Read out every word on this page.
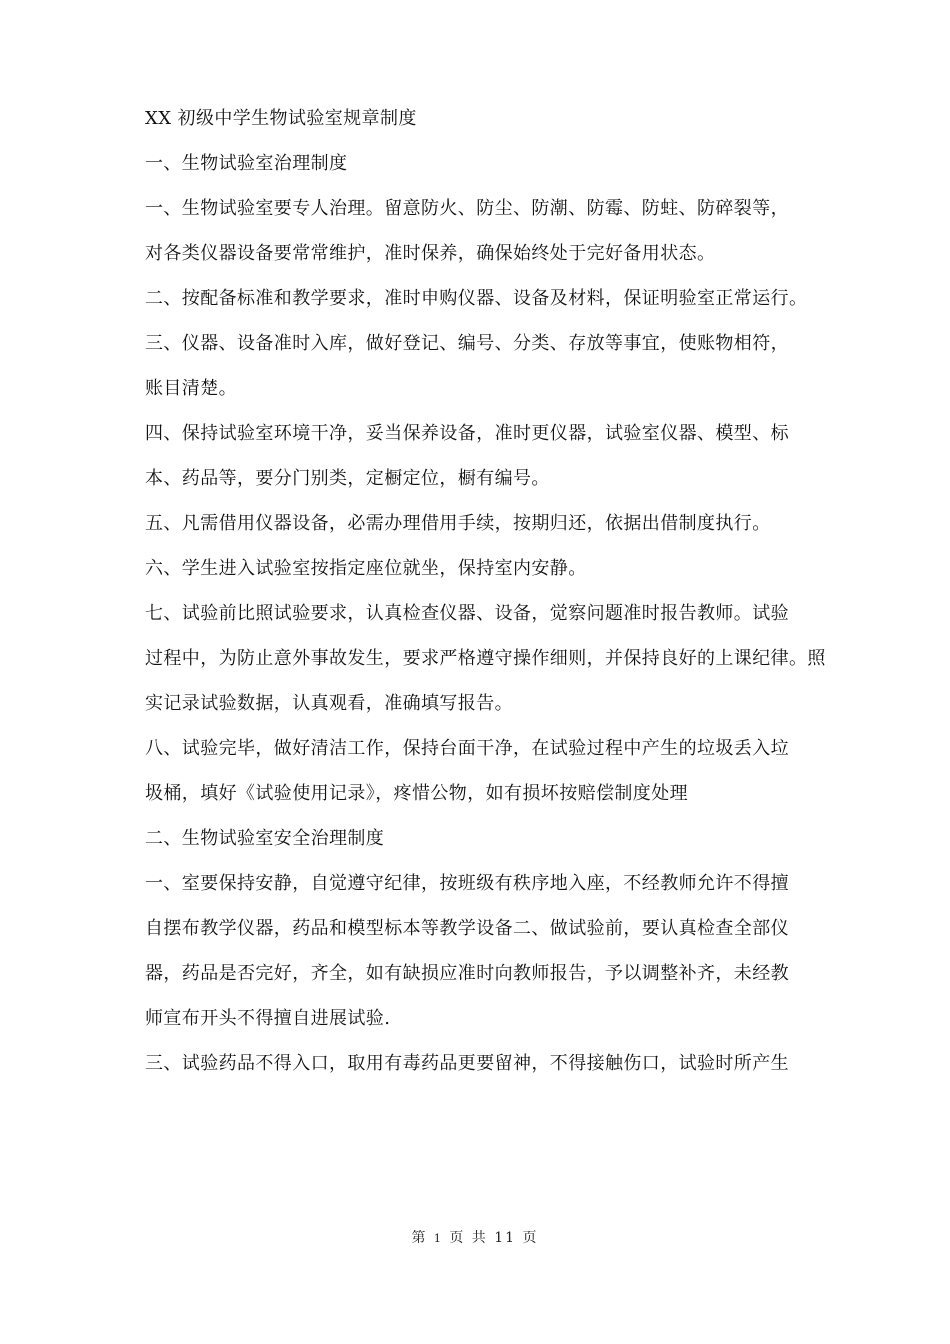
XX 初级中学生物试验室规章制度
一、生物试验室治理制度
一、生物试验室要专人治理。留意防火、防尘、防潮、防霉、防蛀、防碎裂等，
对各类仪器设备要常常维护，准时保养，确保始终处于完好备用状态。
二、按配备标准和教学要求，准时申购仪器、设备及材料，保证明验室正常运行。
三、仪器、设备准时入库，做好登记、编号、分类、存放等事宜，使账物相符，
账目清楚。
四、保持试验室环境干净，妥当保养设备，准时更仪器，试验室仪器、模型、标
本、药品等，要分门别类，定橱定位，橱有编号。
五、凡需借用仪器设备，必需办理借用手续，按期归还，依据出借制度执行。
六、学生进入试验室按指定座位就坐，保持室内安静。
七、试验前比照试验要求，认真检查仪器、设备，觉察问题准时报告教师。试验
过程中，为防止意外事故发生，要求严格遵守操作细则，并保持良好的上课纪律。照
实记录试验数据，认真观看，准确填写报告。
八、试验完毕，做好清洁工作，保持台面干净，在试验过程中产生的垃圾丢入垃
圾桶，填好《试验使用记录》，疼惜公物，如有损坏按赔偿制度处理
二、生物试验室安全治理制度
一、室要保持安静，自觉遵守纪律，按班级有秩序地入座，不经教师允许不得擅
自摆布教学仪器，药品和模型标本等教学设备二、做试验前，要认真检查全部仪
器，药品是否完好，齐全，如有缺损应准时向教师报告，予以调整补齐，未经教
师宣布开头不得擅自进展试验.
三、试验药品不得入口，取用有毒药品更要留神，不得接触伤口，试验时所产生
第 1 页 共 11 页
